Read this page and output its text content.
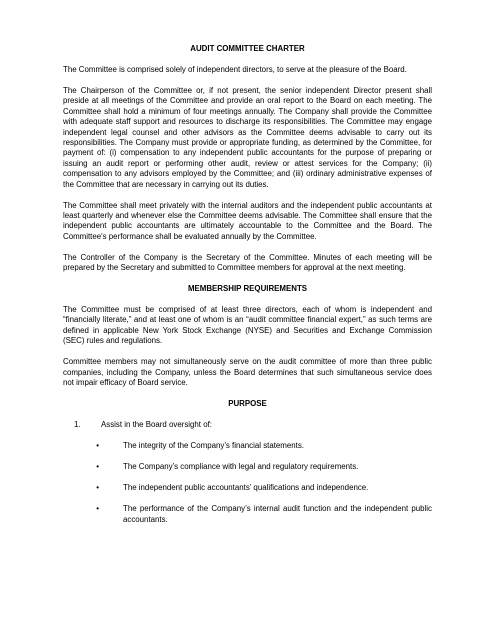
AUDIT COMMITTEE CHARTER

The Committee is comprised solely of independent directors, to serve at the pleasure of the Board.

The Chairperson of the Committee or, if not present, the senior independent Director present shall preside at all meetings of the Committee and provide an oral report to the Board on each meeting. The Committee shall hold a minimum of four meetings annually. The Company shall provide the Committee with adequate staff support and resources to discharge its responsibilities. The Committee may engage independent legal counsel and other advisors as the Committee deems advisable to carry out its responsibilities. The Company must provide or appropriate funding, as determined by the Committee, for payment of: (i) compensation to any independent public accountants for the purpose of preparing or issuing an audit report or performing other audit, review or attest services for the Company; (ii) compensation to any advisors employed by the Committee; and (iii) ordinary administrative expenses of the Committee that are necessary in carrying out its duties.

The Committee shall meet privately with the internal auditors and the independent public accountants at least quarterly and whenever else the Committee deems advisable. The Committee shall ensure that the independent public accountants are ultimately accountable to the Committee and the Board. The Committee's performance shall be evaluated annually by the Committee.

The Controller of the Company is the Secretary of the Committee. Minutes of each meeting will be prepared by the Secretary and submitted to Committee members for approval at the next meeting.

MEMBERSHIP REQUIREMENTS

The Committee must be comprised of at least three directors, each of whom is independent and “financially literate,” and at least one of whom is an “audit committee financial expert,” as such terms are defined in applicable New York Stock Exchange (NYSE) and Securities and Exchange Commission (SEC) rules and regulations.

Committee members may not simultaneously serve on the audit committee of more than three public companies, including the Company, unless the Board determines that such simultaneous service does not impair efficacy of Board service.

PURPOSE
1.	Assist in the Board oversight of:
•	The integrity of the Company’s financial statements.
•	The Company’s compliance with legal and regulatory requirements.
•	The independent public accountants’ qualifications and independence.
•	The performance of the Company’s internal audit function and the independent public accountants.
